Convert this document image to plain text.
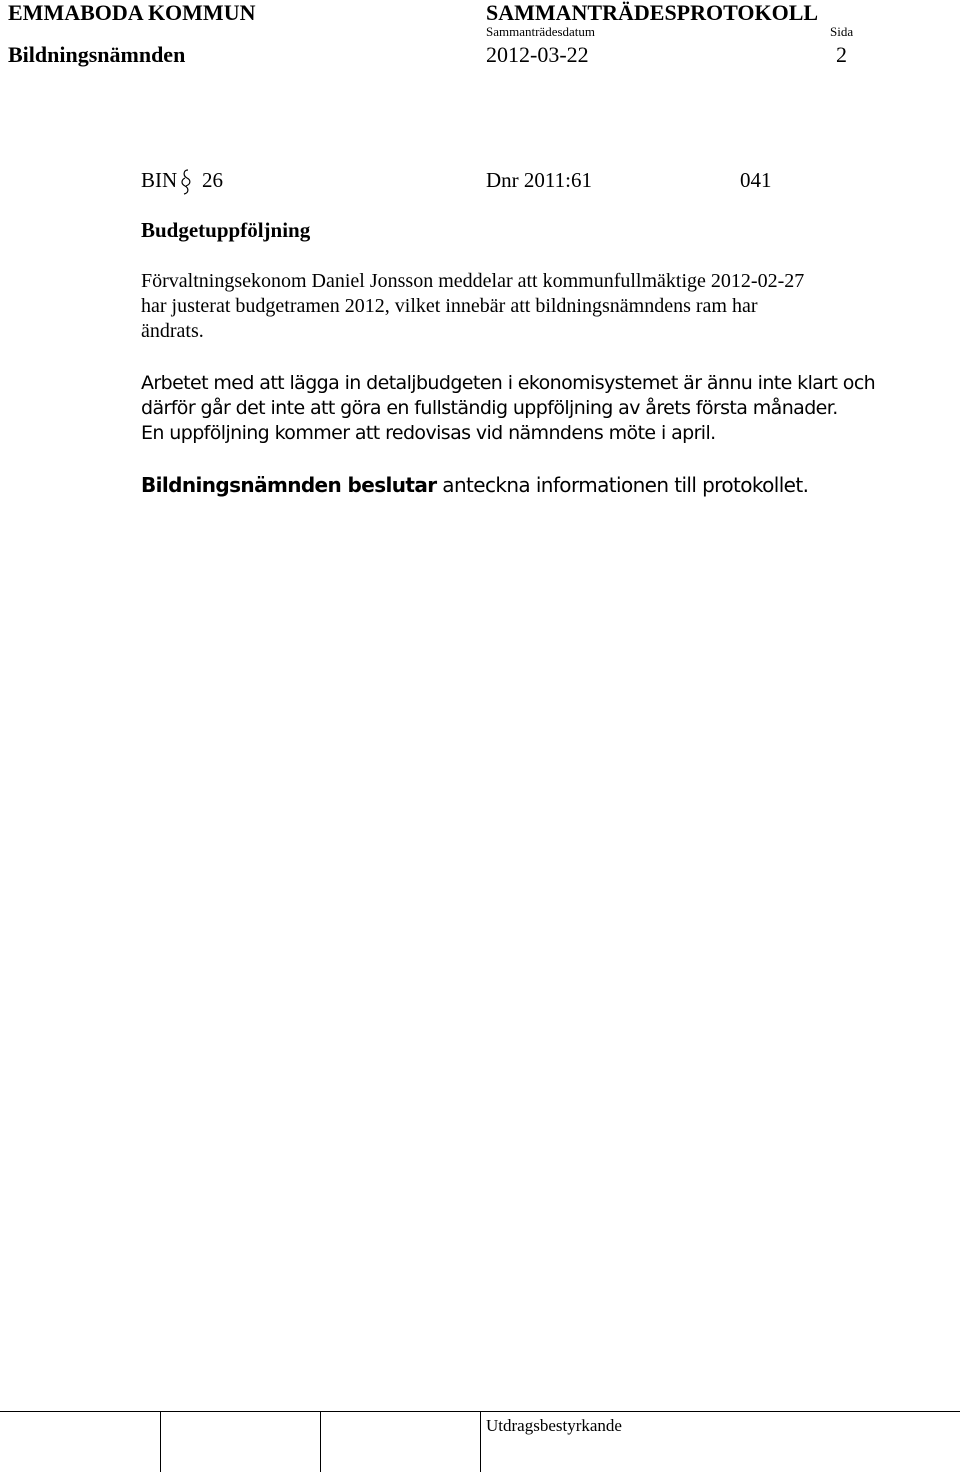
EMMABODA KOMMUN	SAMMANTRÄDESPROTOKOLL
Sammanträdesdatum	Sida
Bildningsnämnden	2012-03-22	2
BIN 26	Dnr 2011:61	041
Budgetuppföljning
Förvaltningsekonom Daniel Jonsson meddelar att kommunfullmäktige 2012-02-27
har justerat budgetramen 2012, vilket innebär att bildningsnämndens ram har
ändrats.
Arbetet med att lägga in detaljbudgeten i ekonomisystemet är ännu inte klart och
därför går det inte att göra en fullständig uppföljning av årets första månader.
En uppföljning kommer att redovisas vid nämndens möte i april.
Bildningsnämnden beslutar anteckna informationen till protokollet.
Utdragsbestyrkande
